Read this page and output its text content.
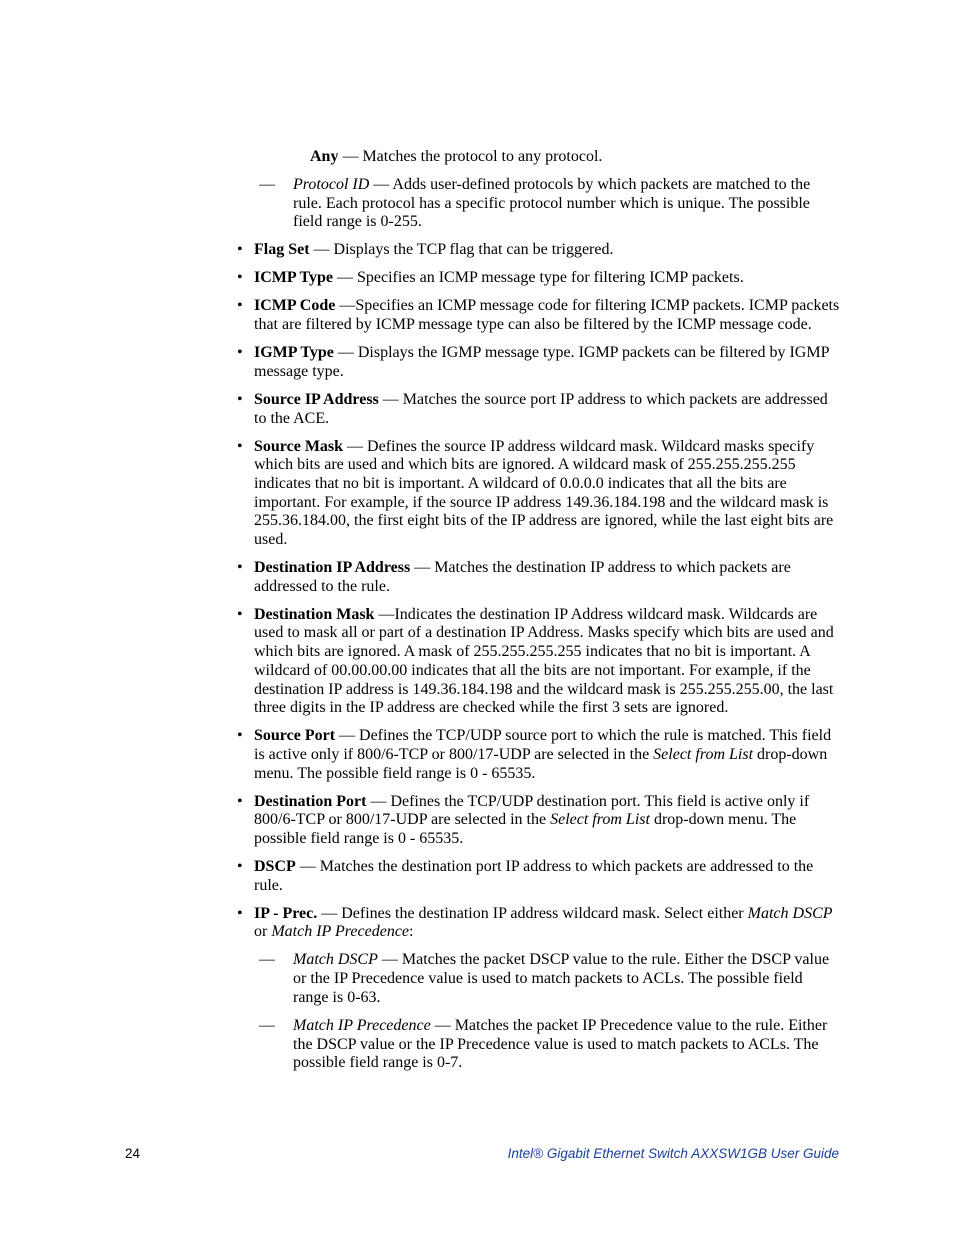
Any — Matches the protocol to any protocol.

— Protocol ID — Adds user-defined protocols by which packets are matched to the rule. Each protocol has a specific protocol number which is unique. The possible field range is 0-255.

• Flag Set — Displays the TCP flag that can be triggered.

• ICMP Type — Specifies an ICMP message type for filtering ICMP packets.

• ICMP Code —Specifies an ICMP message code for filtering ICMP packets. ICMP packets that are filtered by ICMP message type can also be filtered by the ICMP message code.

• IGMP Type — Displays the IGMP message type. IGMP packets can be filtered by IGMP message type.

• Source IP Address — Matches the source port IP address to which packets are addressed to the ACE.

• Source Mask — Defines the source IP address wildcard mask. Wildcard masks specify which bits are used and which bits are ignored. A wildcard mask of 255.255.255.255 indicates that no bit is important. A wildcard of 0.0.0.0 indicates that all the bits are important. For example, if the source IP address 149.36.184.198 and the wildcard mask is 255.36.184.00, the first eight bits of the IP address are ignored, while the last eight bits are used.

• Destination IP Address — Matches the destination IP address to which packets are addressed to the rule.

• Destination Mask —Indicates the destination IP Address wildcard mask. Wildcards are used to mask all or part of a destination IP Address. Masks specify which bits are used and which bits are ignored. A mask of 255.255.255.255 indicates that no bit is important. A wildcard of 00.00.00.00 indicates that all the bits are not important. For example, if the destination IP address is 149.36.184.198 and the wildcard mask is 255.255.255.00, the last three digits in the IP address are checked while the first 3 sets are ignored.

• Source Port — Defines the TCP/UDP source port to which the rule is matched. This field is active only if 800/6-TCP or 800/17-UDP are selected in the Select from List drop-down menu. The possible field range is 0 - 65535.

• Destination Port — Defines the TCP/UDP destination port. This field is active only if 800/6-TCP or 800/17-UDP are selected in the Select from List drop-down menu. The possible field range is 0 - 65535.

• DSCP — Matches the destination port IP address to which packets are addressed to the rule.

• IP - Prec. — Defines the destination IP address wildcard mask. Select either Match DSCP or Match IP Precedence:

— Match DSCP — Matches the packet DSCP value to the rule. Either the DSCP value or the IP Precedence value is used to match packets to ACLs. The possible field range is 0-63.

— Match IP Precedence — Matches the packet IP Precedence value to the rule. Either the DSCP value or the IP Precedence value is used to match packets to ACLs. The possible field range is 0-7.

24	Intel® Gigabit Ethernet Switch AXXSW1GB User Guide
